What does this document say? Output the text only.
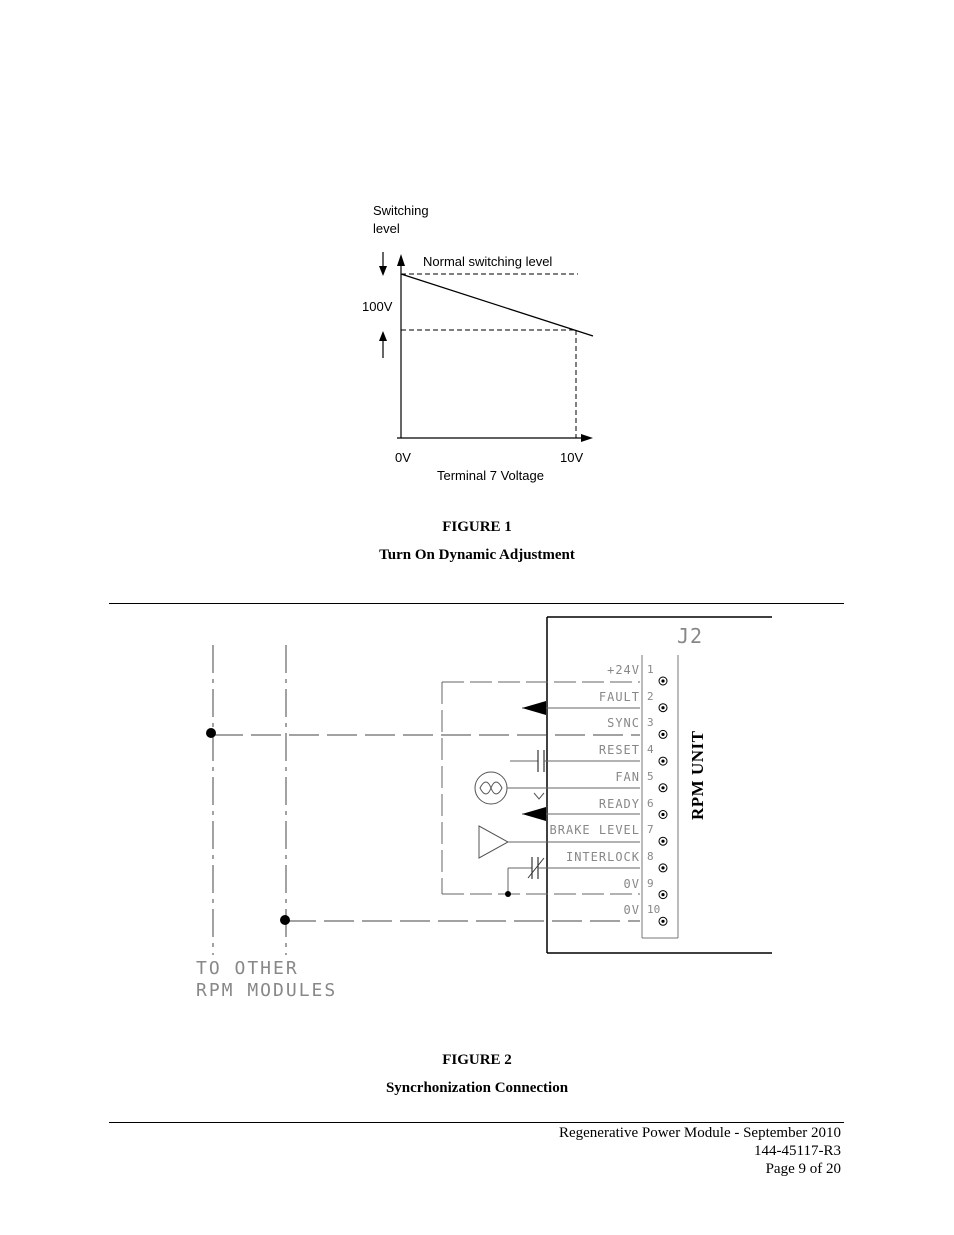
Switching
level
Normal switching level
100V
0V	10V
Terminal 7 Voltage
FIGURE 1
Turn On Dynamic Adjustment
J2
+24V 1
FAULT 2
SYNC 3
RESET 4
FAN 5
READY 6
BRAKE LEVEL 7
INTERLOCK 8
0V 9
0V 10
RPM UNIT
TO OTHER
RPM MODULES
FIGURE 2
Syncrhonization Connection
Regenerative Power Module - September 2010
144-45117-R3
Page 9 of 20
